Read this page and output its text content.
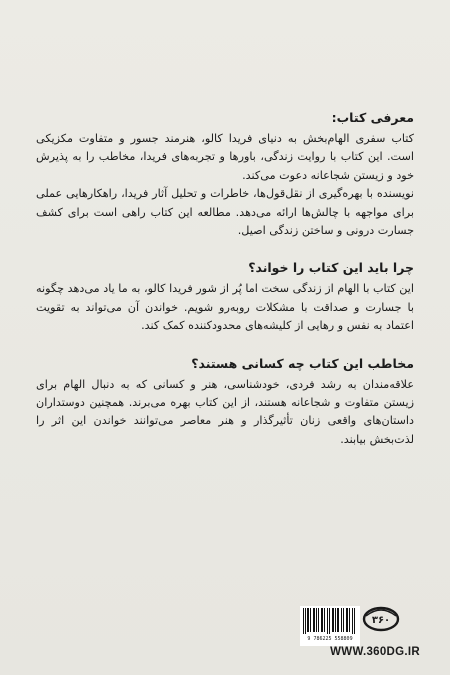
معرفی کتاب:

کتاب سفری الهام‌بخش به دنیای فریدا کالو، هنرمند جسور و متفاوت مکزیکی است. این کتاب با روایت زندگی، باورها و تجربه‌های فریدا، مخاطب را به پذیرش خود و زیستن شجاعانه دعوت می‌کند.

نویسنده با بهره‌گیری از نقل‌قول‌ها، خاطرات و تحلیل آثار فریدا، راهکارهایی عملی برای مواجهه با چالش‌ها ارائه می‌دهد. مطالعه این کتاب راهی است برای کشف جسارت درونی و ساختن زندگی اصیل.

چرا باید این کتاب را خواند؟

این کتاب با الهام از زندگی سخت اما پُر از شور فریدا کالو، به ما یاد می‌دهد چگونه با جسارت و صداقت با مشکلات روبه‌رو شویم. خواندن آن می‌تواند به تقویت اعتماد به نفس و رهایی از کلیشه‌های محدودکننده کمک کند.

مخاطب این کتاب چه کسانی هستند؟

علاقه‌مندان به رشد فردی، خودشناسی، هنر و کسانی که به دنبال الهام برای زیستن متفاوت و شجاعانه هستند، از این کتاب بهره می‌برند. همچنین دوستداران داستان‌های واقعی زنان تأثیرگذار و هنر معاصر می‌توانند خواندن این اثر را لذت‌بخش بیابند.

9 786225 558809
۳۶۰
WWW.360DG.IR
